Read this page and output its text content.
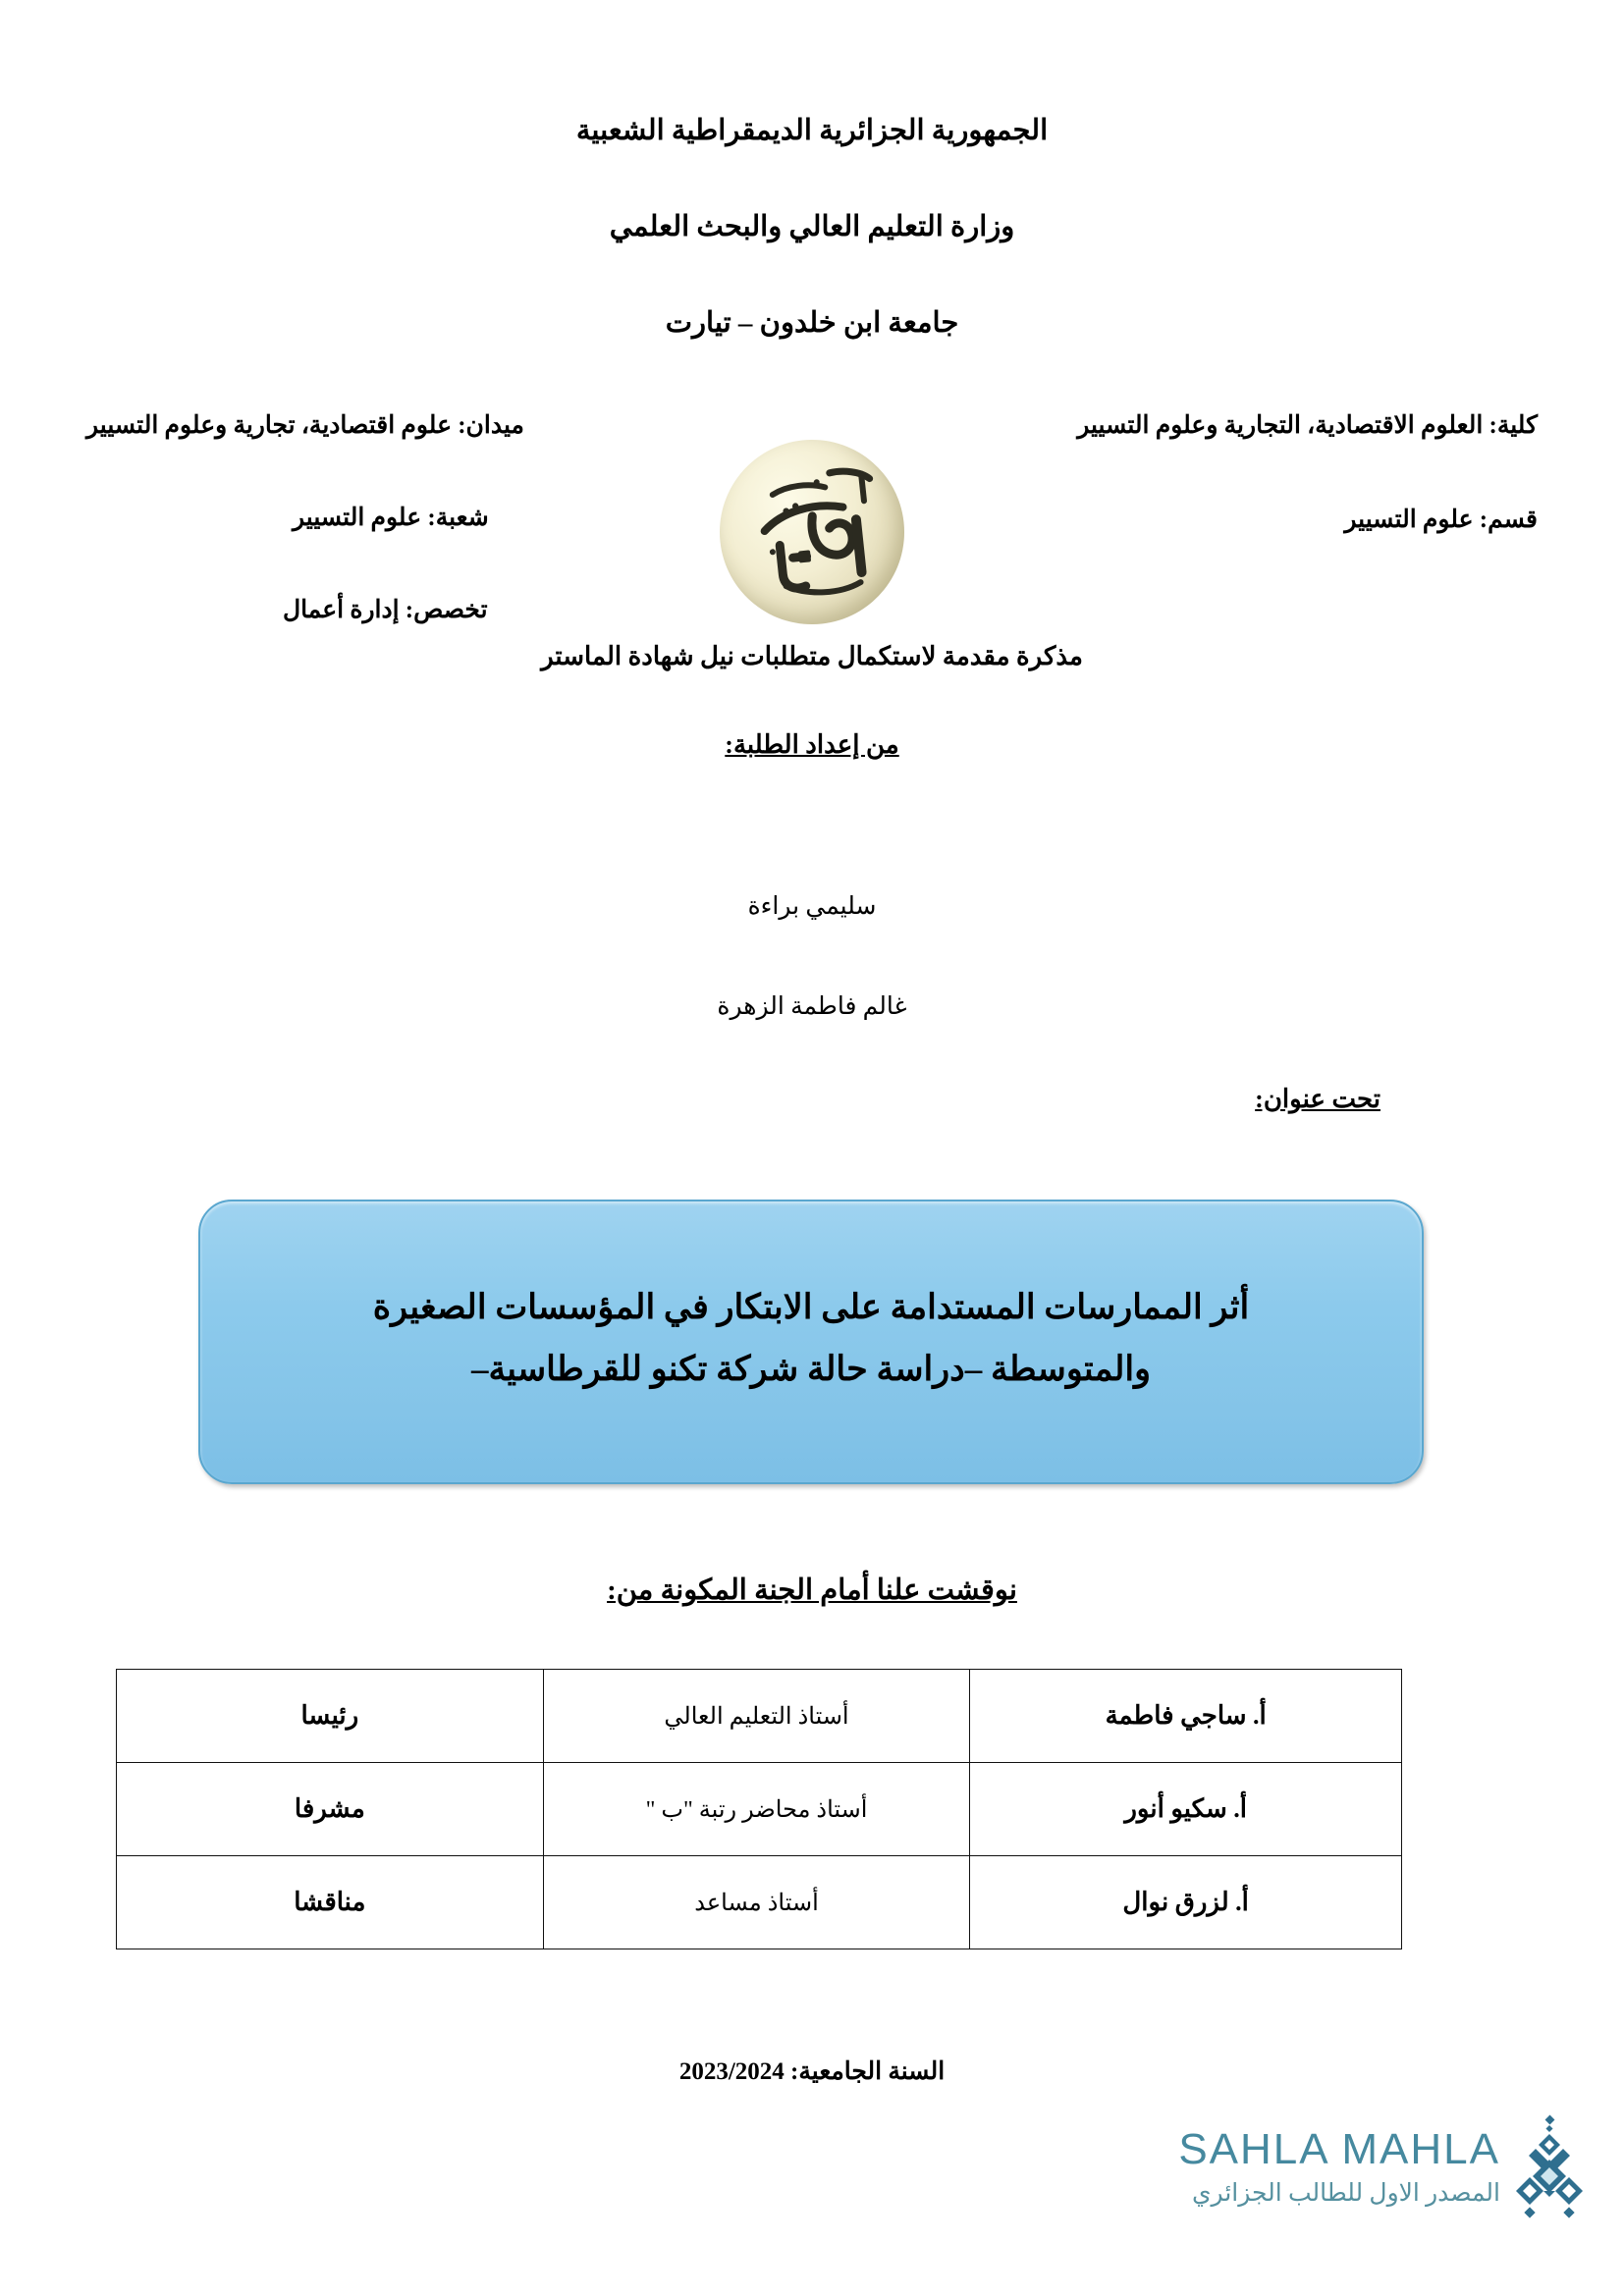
الجمهورية الجزائرية الديمقراطية الشعبية
وزارة التعليم العالي والبحث العلمي
جامعة ابن خلدون – تيارت
كلية: العلوم الاقتصادية، التجارية وعلوم التسيير
ميدان: علوم اقتصادية، تجارية وعلوم التسيير
قسم: علوم التسيير
شعبة: علوم التسيير
تخصص: إدارة أعمال
مذكرة مقدمة لاستكمال متطلبات نيل شهادة الماستر
من إعداد الطلبة:
سليمي براءة
غالم فاطمة الزهرة
تحت عنوان:
أثر الممارسات المستدامة على الابتكار في المؤسسات الصغيرة
والمتوسطة –دراسة حالة شركة تكنو للقرطاسية–
نوقشت علنا أمام الجنة المكونة من:
أ. ساجي فاطمة	أستاذ التعليم العالي	رئيسا
أ. سكيو أنور	أستاذ محاضر رتبة "ب "	مشرفا
أ. لزرق نوال	أستاذ مساعد	مناقشا
السنة الجامعية: 2023/2024
SAHLA MAHLA
المصدر الاول للطالب الجزائري
